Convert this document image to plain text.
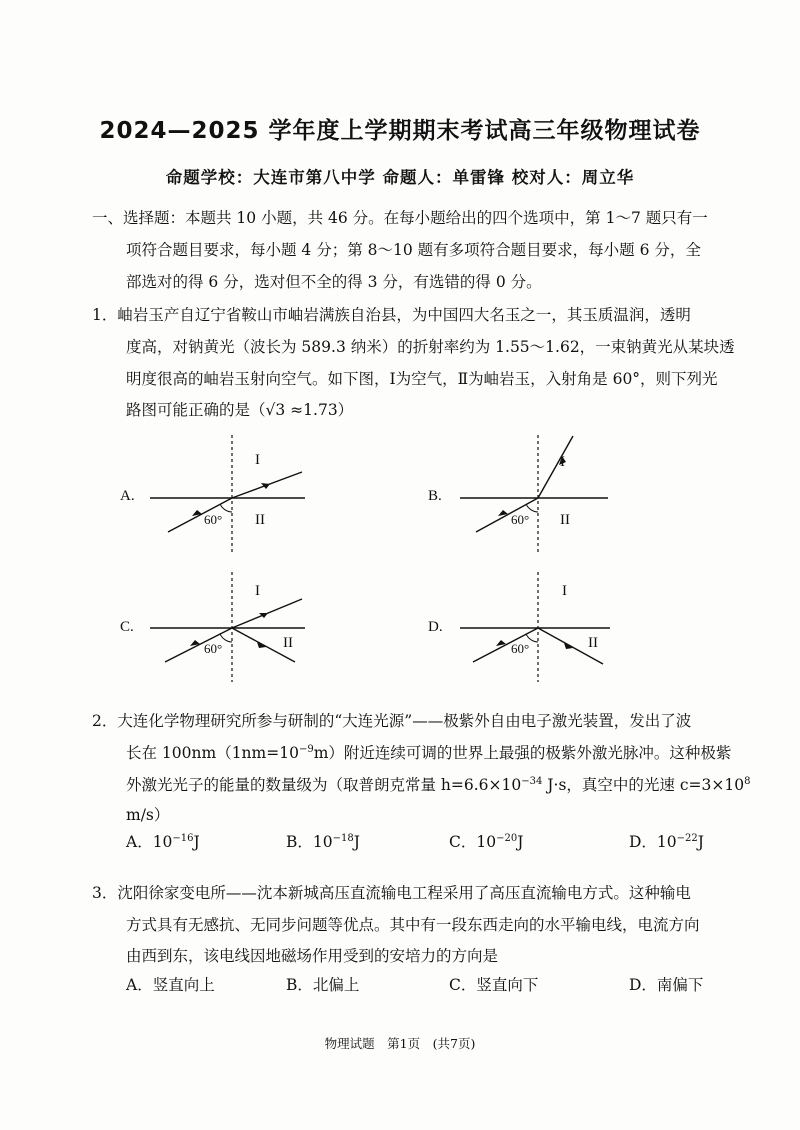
2024—2025 学年度上学期期末考试高三年级物理试卷
命题学校：大连市第八中学 命题人：单雷锋 校对人：周立华
一、选择题：本题共 10 小题，共 46 分。在每小题给出的四个选项中，第 1～7 题只有一
项符合题目要求，每小题 4 分；第 8～10 题有多项符合题目要求，每小题 6 分，全
部选对的得 6 分，选对但不全的得 3 分，有选错的得 0 分。
1．岫岩玉产自辽宁省鞍山市岫岩满族自治县，为中国四大名玉之一，其玉质温润，透明
度高，对钠黄光（波长为 589.3 纳米）的折射率约为 1.55～1.62，一束钠黄光从某块透
明度很高的岫岩玉射向空气。如下图，Ⅰ为空气，Ⅱ为岫岩玉，入射角是 60°，则下列光
路图可能正确的是（√3 ≈1.73）
A.
I
II
60°
B.
I
II
60°
C.
I
II
60°
D.
I
II
60°
2．大连化学物理研究所参与研制的“大连光源”——极紫外自由电子激光装置，发出了波
长在 $100nm(1nm=10^{-9}m)$附近连续可调的世界上最强的极紫外激光脉冲。这种极紫
外激光光子的能量的数量级为（取普朗克常量 $h=6.6\times 10^{-34}$ J·s，真空中的光速 $c=3\times 10^8$
m/s）
A．$10^{-16}J$	B．$10^{-18}J$	C．$10^{-20}J$	D．$10^{-22}J$
3．沈阳徐家变电所——沈本新城高压直流输电工程采用了高压直流输电方式。这种输电
方式具有无感抗、无同步问题等优点。其中有一段东西走向的水平输电线，电流方向
由西到东，该电线因地磁场作用受到的安培力的方向是
A．竖直向上	B．北偏上	C．竖直向下	D．南偏下
物理试题　第1页　(共7页)
